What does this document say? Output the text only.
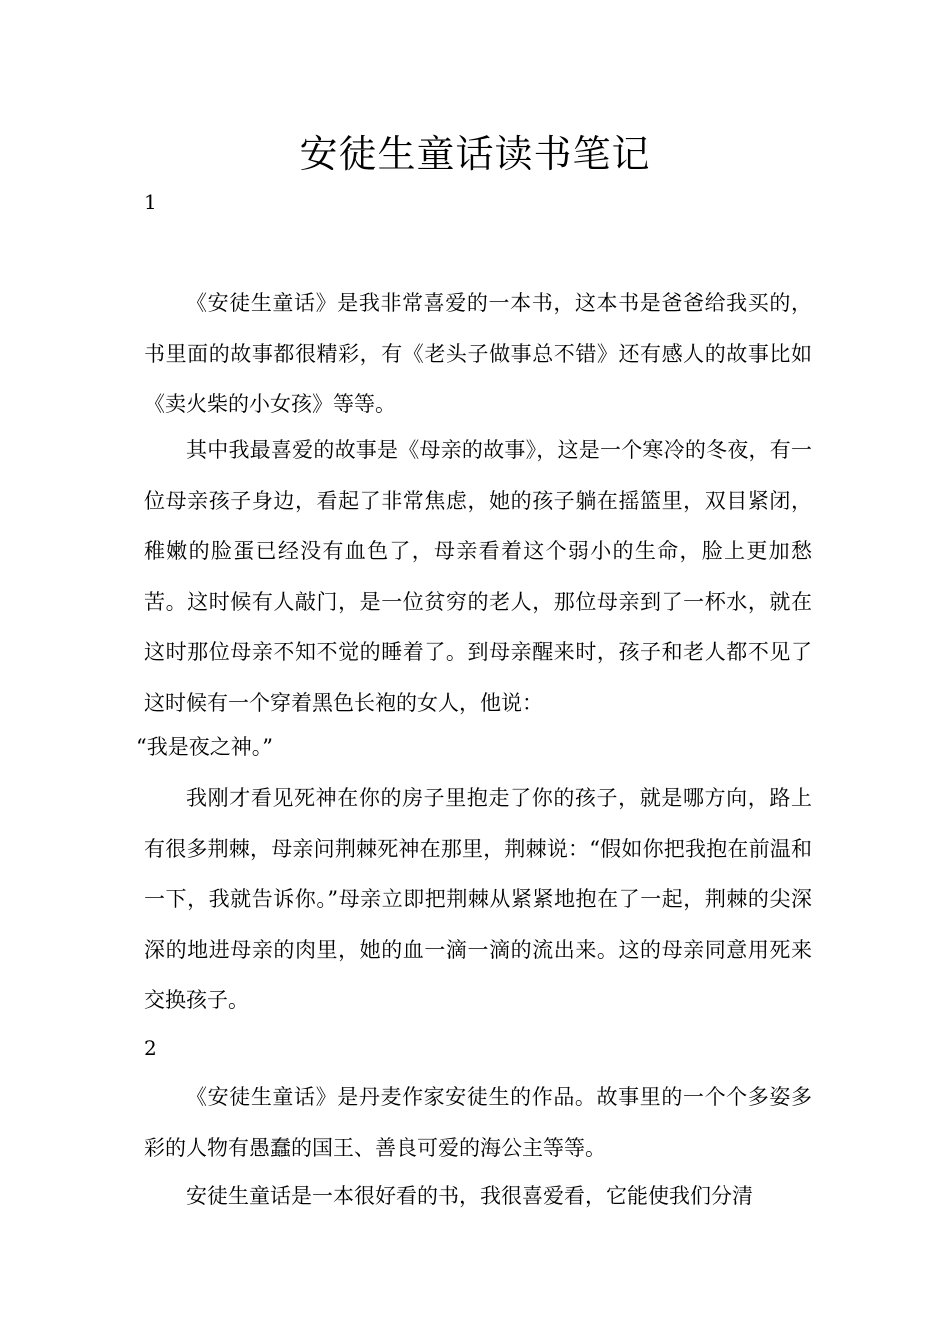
安徒生童话读书笔记
1

《安徒生童话》是我非常喜爱的一本书，这本书是爸爸给我买的，书里面的故事都很精彩，有《老头子做事总不错》还有感人的故事比如《卖火柴的小女孩》等等。

其中我最喜爱的故事是《母亲的故事》，这是一个寒冷的冬夜，有一位母亲孩子身边，看起了非常焦虑，她的孩子躺在摇篮里，双目紧闭，稚嫩的脸蛋已经没有血色了，母亲看着这个弱小的生命，脸上更加愁苦。这时候有人敲门，是一位贫穷的老人，那位母亲到了一杯水，就在这时那位母亲不知不觉的睡着了。到母亲醒来时，孩子和老人都不见了这时候有一个穿着黑色长袍的女人，他说：

“我是夜之神。”

我刚才看见死神在你的房子里抱走了你的孩子，就是哪方向，路上有很多荆棘，母亲问荆棘死神在那里，荆棘说：“假如你把我抱在前温和一下，我就告诉你。”母亲立即把荆棘从紧紧地抱在了一起，荆棘的尖深深的地进母亲的肉里，她的血一滴一滴的流出来。这的母亲同意用死来交换孩子。

2

《安徒生童话》是丹麦作家安徒生的作品。故事里的一个个多姿多彩的人物有愚蠢的国王、善良可爱的海公主等等。

安徒生童话是一本很好看的书，我很喜爱看，它能使我们分清
